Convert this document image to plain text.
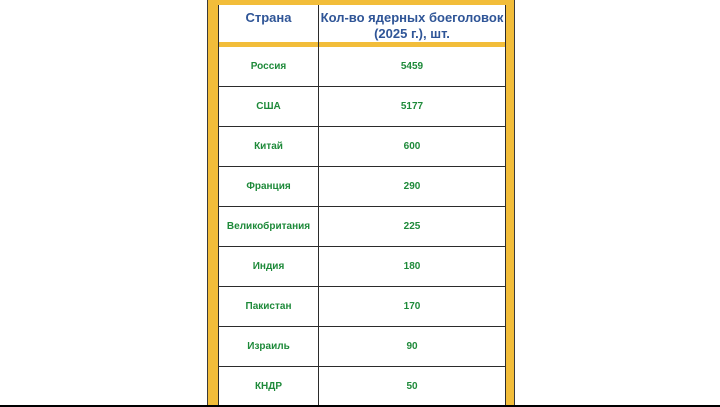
Страна	Кол-во ядерных боеголовок (2025 г.), шт.
Россия	5459
США	5177
Китай	600
Франция	290
Великобритания	225
Индия	180
Пакистан	170
Израиль	90
КНДР	50
